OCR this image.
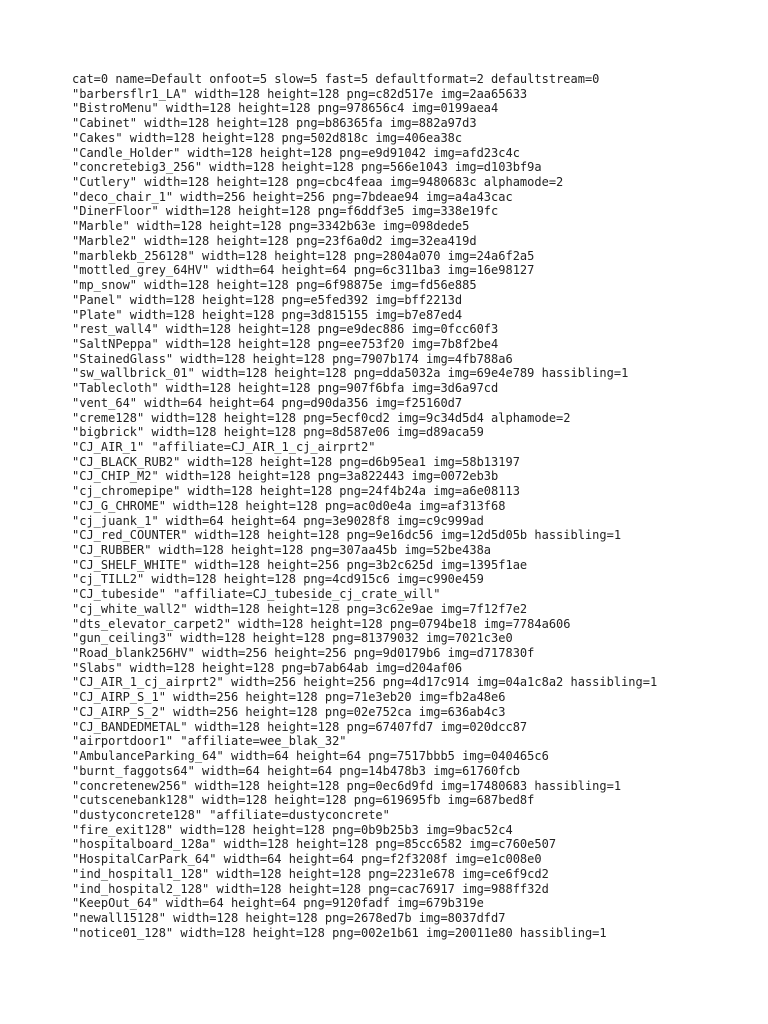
cat=0 name=Default onfoot=5 slow=5 fast=5 defaultformat=2 defaultstream=0
"barbersflr1_LA" width=128 height=128 png=c82d517e img=2aa65633
"BistroMenu" width=128 height=128 png=978656c4 img=0199aea4
"Cabinet" width=128 height=128 png=b86365fa img=882a97d3
"Cakes" width=128 height=128 png=502d818c img=406ea38c
"Candle_Holder" width=128 height=128 png=e9d91042 img=afd23c4c
"concretebig3_256" width=128 height=128 png=566e1043 img=d103bf9a
"Cutlery" width=128 height=128 png=cbc4feaa img=9480683c alphamode=2
"deco_chair_1" width=256 height=256 png=7bdeae94 img=a4a43cac
"DinerFloor" width=128 height=128 png=f6ddf3e5 img=338e19fc
"Marble" width=128 height=128 png=3342b63e img=098dede5
"Marble2" width=128 height=128 png=23f6a0d2 img=32ea419d
"marblekb_256128" width=128 height=128 png=2804a070 img=24a6f2a5
"mottled_grey_64HV" width=64 height=64 png=6c311ba3 img=16e98127
"mp_snow" width=128 height=128 png=6f98875e img=fd56e885
"Panel" width=128 height=128 png=e5fed392 img=bff2213d
"Plate" width=128 height=128 png=3d815155 img=b7e87ed4
"rest_wall4" width=128 height=128 png=e9dec886 img=0fcc60f3
"SaltNPeppa" width=128 height=128 png=ee753f20 img=7b8f2be4
"StainedGlass" width=128 height=128 png=7907b174 img=4fb788a6
"sw_wallbrick_01" width=128 height=128 png=dda5032a img=69e4e789 hassibling=1
"Tablecloth" width=128 height=128 png=907f6bfa img=3d6a97cd
"vent_64" width=64 height=64 png=d90da356 img=f25160d7
"creme128" width=128 height=128 png=5ecf0cd2 img=9c34d5d4 alphamode=2
"bigbrick" width=128 height=128 png=8d587e06 img=d89aca59
"CJ_AIR_1" "affiliate=CJ_AIR_1_cj_airprt2"
"CJ_BLACK_RUB2" width=128 height=128 png=d6b95ea1 img=58b13197
"CJ_CHIP_M2" width=128 height=128 png=3a822443 img=0072eb3b
"cj_chromepipe" width=128 height=128 png=24f4b24a img=a6e08113
"CJ_G_CHROME" width=128 height=128 png=ac0d0e4a img=af313f68
"cj_juank_1" width=64 height=64 png=3e9028f8 img=c9c999ad
"CJ_red_COUNTER" width=128 height=128 png=9e16dc56 img=12d5d05b hassibling=1
"CJ_RUBBER" width=128 height=128 png=307aa45b img=52be438a
"CJ_SHELF_WHITE" width=128 height=256 png=3b2c625d img=1395f1ae
"cj_TILL2" width=128 height=128 png=4cd915c6 img=c990e459
"CJ_tubeside" "affiliate=CJ_tubeside_cj_crate_will"
"cj_white_wall2" width=128 height=128 png=3c62e9ae img=7f12f7e2
"dts_elevator_carpet2" width=128 height=128 png=0794be18 img=7784a606
"gun_ceiling3" width=128 height=128 png=81379032 img=7021c3e0
"Road_blank256HV" width=256 height=256 png=9d0179b6 img=d717830f
"Slabs" width=128 height=128 png=b7ab64ab img=d204af06
"CJ_AIR_1_cj_airprt2" width=256 height=256 png=4d17c914 img=04a1c8a2 hassibling=1
"CJ_AIRP_S_1" width=256 height=128 png=71e3eb20 img=fb2a48e6
"CJ_AIRP_S_2" width=256 height=128 png=02e752ca img=636ab4c3
"CJ_BANDEDMETAL" width=128 height=128 png=67407fd7 img=020dcc87
"airportdoor1" "affiliate=wee_blak_32"
"AmbulanceParking_64" width=64 height=64 png=7517bbb5 img=040465c6
"burnt_faggots64" width=64 height=64 png=14b478b3 img=61760fcb
"concretenew256" width=128 height=128 png=0ec6d9fd img=17480683 hassibling=1
"cutscenebank128" width=128 height=128 png=619695fb img=687bed8f
"dustyconcrete128" "affiliate=dustyconcrete"
"fire_exit128" width=128 height=128 png=0b9b25b3 img=9bac52c4
"hospitalboard_128a" width=128 height=128 png=85cc6582 img=c760e507
"HospitalCarPark_64" width=64 height=64 png=f2f3208f img=e1c008e0
"ind_hospital1_128" width=128 height=128 png=2231e678 img=ce6f9cd2
"ind_hospital2_128" width=128 height=128 png=cac76917 img=988ff32d
"KeepOut_64" width=64 height=64 png=9120fadf img=679b319e
"newall15128" width=128 height=128 png=2678ed7b img=8037dfd7
"notice01_128" width=128 height=128 png=002e1b61 img=20011e80 hassibling=1
